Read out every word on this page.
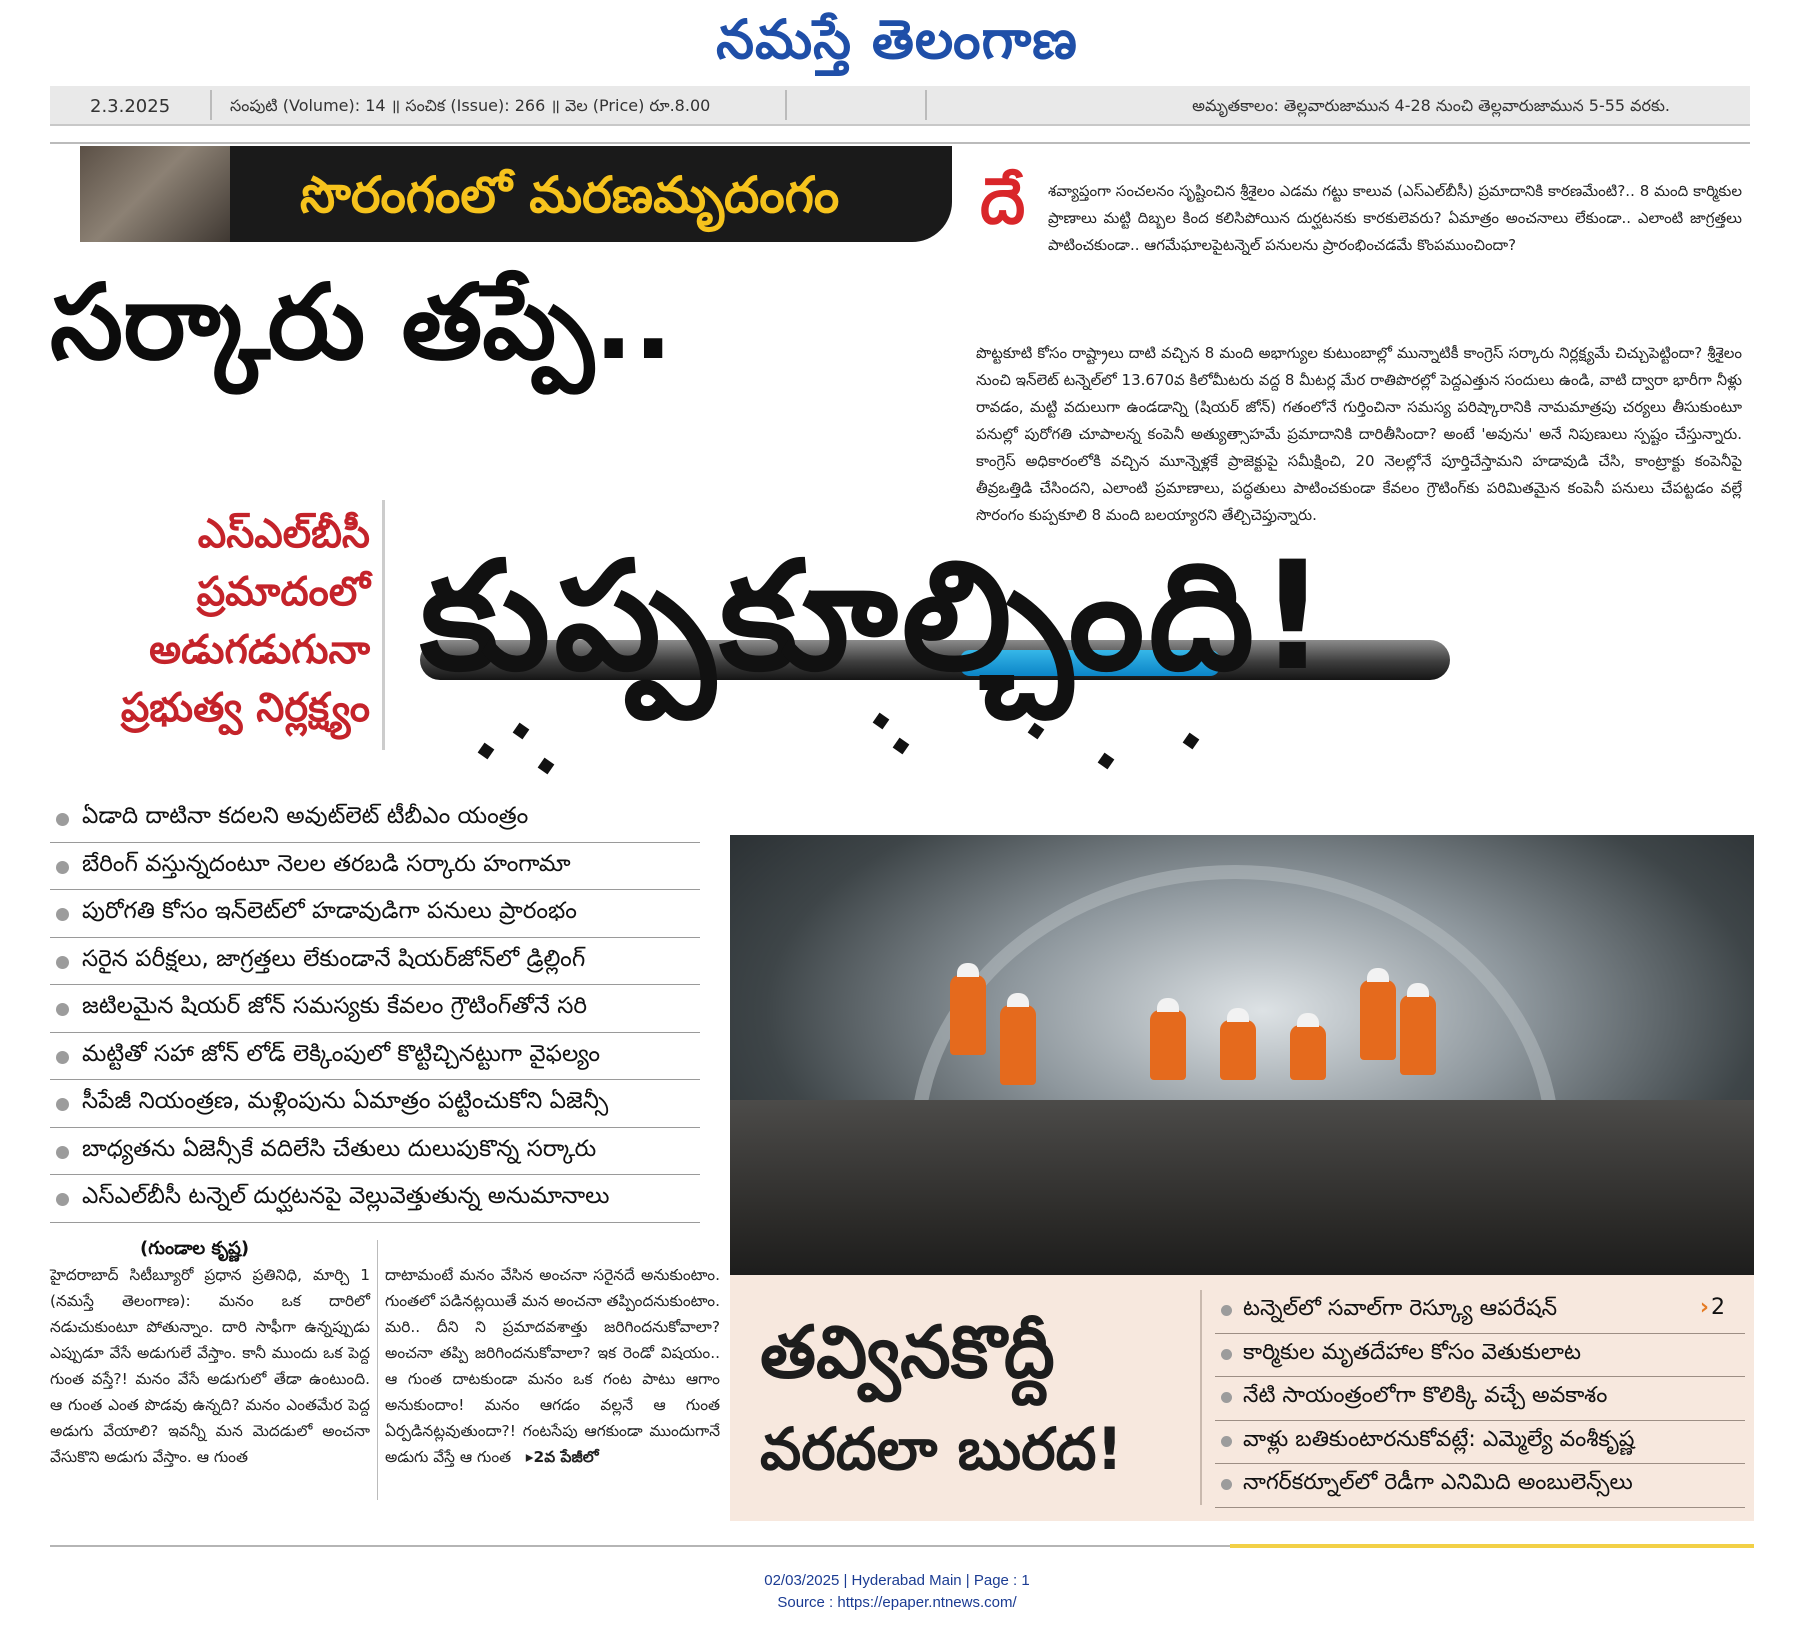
నమస్తే తెలంగాణ
2.3.2025	సంపుటి (Volume): 14 ॥ సంచిక (Issue): 266 ॥ వెల (Price) రూ.8.00	అమృతకాలం: తెల్లవారుజామున 4-28 నుంచి తెల్లవారుజామున 5-55 వరకు.
సొరంగంలో మరణమృదంగం దే శవ్యాప్తంగా సంచలనం సృష్టించిన శ్రీశైలం ఎడమ గట్టు కాలువ (ఎస్‌ఎల్‌బీసీ) ప్రమాదానికి కారణమేంటి?.. 8 మంది కార్మికుల ప్రాణాలు మట్టి దిబ్బల కింద కలిసిపోయిన దుర్ఘటనకు కారకులెవరు? ఏమాత్రం అంచనాలు లేకుండా.. ఎలాంటి జాగ్రత్తలు పాటించకుండా.. ఆగమేఘాలపైటన్నెల్ పనులను ప్రారంభించడమే కొంపముంచిందా?
పొట్టకూటి కోసం రాష్ట్రాలు దాటి వచ్చిన 8 మంది అభాగ్యుల కుటుంబాల్లో మున్నాటికీ కాంగ్రెస్ సర్కారు నిర్లక్ష్యమే చిచ్చుపెట్టిందా? శ్రీశైలం నుంచి ఇన్‌లెట్ టన్నెల్‌లో 13.670వ కిలోమీటరు వద్ద 8 మీటర్ల మేర రాతిపొరల్లో పెద్దఎత్తున సందులు ఉండి, వాటి ద్వారా భారీగా నీళ్లు రావడం, మట్టి వదులుగా ఉండడాన్ని (షియర్ జోన్) గతంలోనే గుర్తించినా సమస్య పరిష్కారానికి నామమాత్రపు చర్యలు తీసుకుంటూ పనుల్లో పురోగతి చూపాలన్న కంపెనీ అత్యుత్సాహమే ప్రమాదానికి దారితీసిందా? అంటే 'అవును' అనే నిపుణులు స్పష్టం చేస్తున్నారు. కాంగ్రెస్ అధికారంలోకి వచ్చిన మూన్నెళ్లకే ప్రాజెక్టుపై సమీక్షించి, 20 నెలల్లోనే పూర్తిచేస్తామని హడావుడి చేసి, కాంట్రాక్టు కంపెనీపై తీవ్రఒత్తిడి చేసిందని, ఎలాంటి ప్రమాణాలు, పద్ధతులు పాటించకుండా కేవలం గ్రౌటింగ్‌కు పరిమితమైన కంపెనీ పనులు చేపట్టడం వల్లే సొరంగం కుప్పకూలి 8 మంది బలయ్యారని తేల్చిచెప్తున్నారు.
సర్కారు తప్పే..
ఎస్‌ఎల్‌బీసీ
ప్రమాదంలో
అడుగడుగునా
ప్రభుత్వ నిర్లక్ష్యం
కుప్పకూల్చింది!
ఏడాది దాటినా కదలని అవుట్‌లెట్ టీబీఎం యంత్రం
బేరింగ్ వస్తున్నదంటూ నెలల తరబడి సర్కారు హంగామా
పురోగతి కోసం ఇన్‌లెట్‌లో హడావుడిగా పనులు ప్రారంభం
సరైన పరీక్షలు, జాగ్రత్తలు లేకుండానే షియర్‌జోన్‌లో డ్రిల్లింగ్
జటిలమైన షియర్ జోన్ సమస్యకు కేవలం గ్రౌటింగ్‌తోనే సరి
మట్టితో సహా జోన్ లోడ్ లెక్కింపులో కొట్టిచ్చినట్టుగా వైఫల్యం
సీపేజీ నియంత్రణ, మళ్లింపును ఏమాత్రం పట్టించుకోని ఏజెన్సీ
బాధ్యతను ఏజెన్సీకే వదిలేసి చేతులు దులుపుకొన్న సర్కారు
ఎస్‌ఎల్‌బీసీ టన్నెల్ దుర్ఘటనపై వెల్లువెత్తుతున్న అనుమానాలు
(గుండాల కృష్ణ)
హైదరాబాద్ సిటీబ్యూరో ప్రధాన ప్రతినిధి, మార్చి 1 (నమస్తే తెలంగాణ): మనం ఒక దారిలో నడుచుకుంటూ పోతున్నాం. దారి సాఫీగా ఉన్నప్పుడు ఎప్పుడూ వేసే అడుగులే వేస్తాం. కానీ ముందు ఒక పెద్ద గుంత వస్తే?! మనం వేసే అడుగులో తేడా ఉంటుంది. ఆ గుంత ఎంత పొడవు ఉన్నది? మనం ఎంతమేర పెద్ద అడుగు వేయాలి? ఇవన్నీ మన మెదడులో అంచనా వేసుకొని అడుగు వేస్తాం. ఆ గుంత
దాటామంటే మనం వేసిన అంచనా సరైనదే అనుకుంటాం. గుంతలో పడినట్లయితే మన అంచనా తప్పిందనుకుంటాం. మరి.. దీని ని ప్రమాదవశాత్తు జరిగిందనుకోవాలా? అంచనా తప్పి జరిగిందనుకోవాలా? ఇక రెండో విషయం.. ఆ గుంత దాటకుండా మనం ఒక గంట పాటు ఆగాం అనుకుందాం! మనం ఆగడం వల్లనే ఆ గుంత ఏర్పడినట్లవుతుందా?! గంటసేపు ఆగకుండా ముందుగానే అడుగు వేస్తే ఆ గుంత ▸2వ పేజీలో
తవ్వినకొద్దీ
వరదలా బురద!
టన్నెల్‌లో సవాల్‌గా రెస్క్యూ ఆపరేషన్	›2
కార్మికుల మృతదేహాల కోసం వెతుకులాట
నేటి సాయంత్రంలోగా కొలిక్కి వచ్చే అవకాశం
వాళ్లు బతికుంటారనుకోవట్లే: ఎమ్మెల్యే వంశీకృష్ణ
నాగర్‌కర్నూల్‌లో రెడీగా ఎనిమిది అంబులెన్స్‌లు
02/03/2025 | Hyderabad Main | Page : 1
Source : https://epaper.ntnews.com/
